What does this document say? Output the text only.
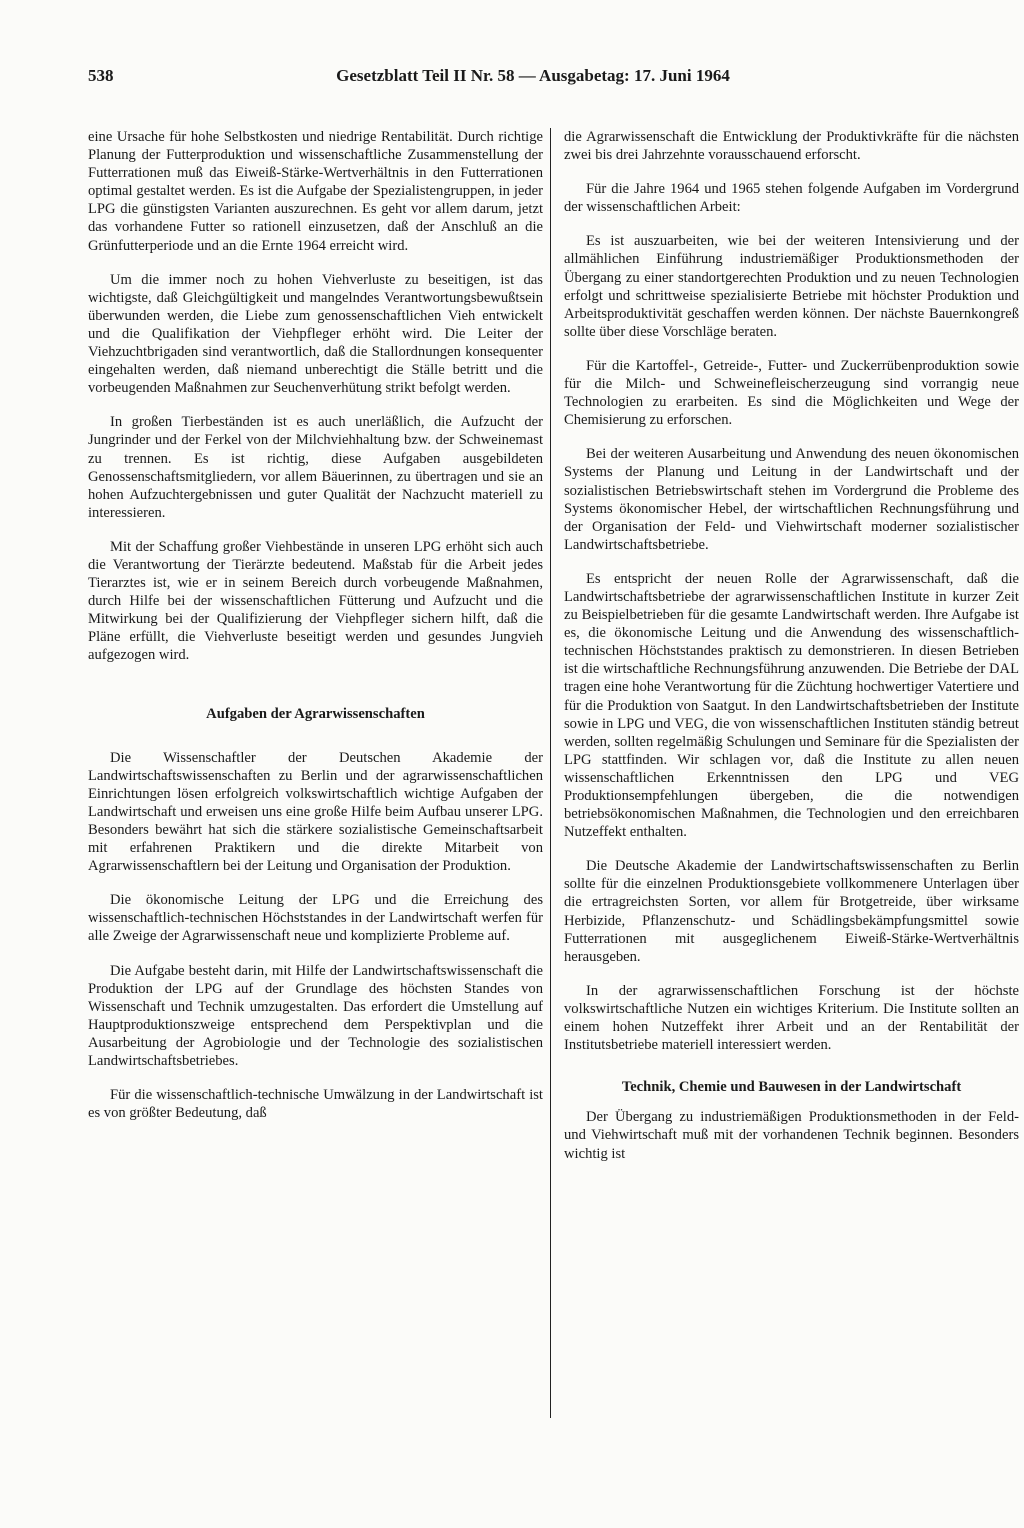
538	Gesetzblatt Teil II Nr. 58 — Ausgabetag: 17. Juni 1964

eine Ursache für hohe Selbstkosten und niedrige Rentabilität. Durch richtige Planung der Futterproduktion und wissenschaftliche Zusammenstellung der Futterrationen muß das Eiweiß-Stärke-Wertverhältnis in den Futterrationen optimal gestaltet werden. Es ist die Aufgabe der Spezialistengruppen, in jeder LPG die günstigsten Varianten auszurechnen. Es geht vor allem darum, jetzt das vorhandene Futter so rationell einzusetzen, daß der Anschluß an die Grünfutterperiode und an die Ernte 1964 erreicht wird.

Um die immer noch zu hohen Viehverluste zu beseitigen, ist das wichtigste, daß Gleichgültigkeit und mangelndes Verantwortungsbewußtsein überwunden werden, die Liebe zum genossenschaftlichen Vieh entwickelt und die Qualifikation der Viehpfleger erhöht wird. Die Leiter der Viehzuchtbrigaden sind verantwortlich, daß die Stallordnungen konsequenter eingehalten werden, daß niemand unberechtigt die Ställe betritt und die vorbeugenden Maßnahmen zur Seuchenverhütung strikt befolgt werden.

In großen Tierbeständen ist es auch unerläßlich, die Aufzucht der Jungrinder und der Ferkel von der Milchviehhaltung bzw. der Schweinemast zu trennen. Es ist richtig, diese Aufgaben ausgebildeten Genossenschaftsmitgliedern, vor allem Bäuerinnen, zu übertragen und sie an hohen Aufzuchtergebnissen und guter Qualität der Nachzucht materiell zu interessieren.

Mit der Schaffung großer Viehbestände in unseren LPG erhöht sich auch die Verantwortung der Tierärzte bedeutend. Maßstab für die Arbeit jedes Tierarztes ist, wie er in seinem Bereich durch vorbeugende Maßnahmen, durch Hilfe bei der wissenschaftlichen Fütterung und Aufzucht und die Mitwirkung bei der Qualifizierung der Viehpfleger sichern hilft, daß die Pläne erfüllt, die Viehverluste beseitigt werden und gesundes Jungvieh aufgezogen wird.

Aufgaben der Agrarwissenschaften

Die Wissenschaftler der Deutschen Akademie der Landwirtschaftswissenschaften zu Berlin und der agrarwissenschaftlichen Einrichtungen lösen erfolgreich volkswirtschaftlich wichtige Aufgaben der Landwirtschaft und erweisen uns eine große Hilfe beim Aufbau unserer LPG. Besonders bewährt hat sich die stärkere sozialistische Gemeinschaftsarbeit mit erfahrenen Praktikern und die direkte Mitarbeit von Agrarwissenschaftlern bei der Leitung und Organisation der Produktion.

Die ökonomische Leitung der LPG und die Erreichung des wissenschaftlich-technischen Höchststandes in der Landwirtschaft werfen für alle Zweige der Agrarwissenschaft neue und komplizierte Probleme auf.

Die Aufgabe besteht darin, mit Hilfe der Landwirtschaftswissenschaft die Produktion der LPG auf der Grundlage des höchsten Standes von Wissenschaft und Technik umzugestalten. Das erfordert die Umstellung auf Hauptproduktionszweige entsprechend dem Perspektivplan und die Ausarbeitung der Agrobiologie und der Technologie des sozialistischen Landwirtschaftsbetriebes.

Für die wissenschaftlich-technische Umwälzung in der Landwirtschaft ist es von größter Bedeutung, daß

die Agrarwissenschaft die Entwicklung der Produktivkräfte für die nächsten zwei bis drei Jahrzehnte vorausschauend erforscht.

Für die Jahre 1964 und 1965 stehen folgende Aufgaben im Vordergrund der wissenschaftlichen Arbeit:

Es ist auszuarbeiten, wie bei der weiteren Intensivierung und der allmählichen Einführung industriemäßiger Produktionsmethoden der Übergang zu einer standortgerechten Produktion und zu neuen Technologien erfolgt und schrittweise spezialisierte Betriebe mit höchster Produktion und Arbeitsproduktivität geschaffen werden können. Der nächste Bauernkongreß sollte über diese Vorschläge beraten.

Für die Kartoffel-, Getreide-, Futter- und Zuckerrübenproduktion sowie für die Milch- und Schweinefleischerzeugung sind vorrangig neue Technologien zu erarbeiten. Es sind die Möglichkeiten und Wege der Chemisierung zu erforschen.

Bei der weiteren Ausarbeitung und Anwendung des neuen ökonomischen Systems der Planung und Leitung in der Landwirtschaft und der sozialistischen Betriebswirtschaft stehen im Vordergrund die Probleme des Systems ökonomischer Hebel, der wirtschaftlichen Rechnungsführung und der Organisation der Feld- und Viehwirtschaft moderner sozialistischer Landwirtschaftsbetriebe.

Es entspricht der neuen Rolle der Agrarwissenschaft, daß die Landwirtschaftsbetriebe der agrarwissenschaftlichen Institute in kurzer Zeit zu Beispielbetrieben für die gesamte Landwirtschaft werden. Ihre Aufgabe ist es, die ökonomische Leitung und die Anwendung des wissenschaftlich-technischen Höchststandes praktisch zu demonstrieren. In diesen Betrieben ist die wirtschaftliche Rechnungsführung anzuwenden. Die Betriebe der DAL tragen eine hohe Verantwortung für die Züchtung hochwertiger Vatertiere und für die Produktion von Saatgut. In den Landwirtschaftsbetrieben der Institute sowie in LPG und VEG, die von wissenschaftlichen Instituten ständig betreut werden, sollten regelmäßig Schulungen und Seminare für die Spezialisten der LPG stattfinden. Wir schlagen vor, daß die Institute zu allen neuen wissenschaftlichen Erkenntnissen den LPG und VEG Produktionsempfehlungen übergeben, die die notwendigen betriebsökonomischen Maßnahmen, die Technologien und den erreichbaren Nutzeffekt enthalten.

Die Deutsche Akademie der Landwirtschaftswissenschaften zu Berlin sollte für die einzelnen Produktionsgebiete vollkommenere Unterlagen über die ertragreichsten Sorten, vor allem für Brotgetreide, über wirksame Herbizide, Pflanzenschutz- und Schädlingsbekämpfungsmittel sowie Futterrationen mit ausgeglichenem Eiweiß-Stärke-Wertverhältnis herausgeben.

In der agrarwissenschaftlichen Forschung ist der höchste volkswirtschaftliche Nutzen ein wichtiges Kriterium. Die Institute sollten an einem hohen Nutzeffekt ihrer Arbeit und an der Rentabilität der Institutsbetriebe materiell interessiert werden.

Technik, Chemie und Bauwesen in der Landwirtschaft

Der Übergang zu industriemäßigen Produktionsmethoden in der Feld- und Viehwirtschaft muß mit der vorhandenen Technik beginnen. Besonders wichtig ist
